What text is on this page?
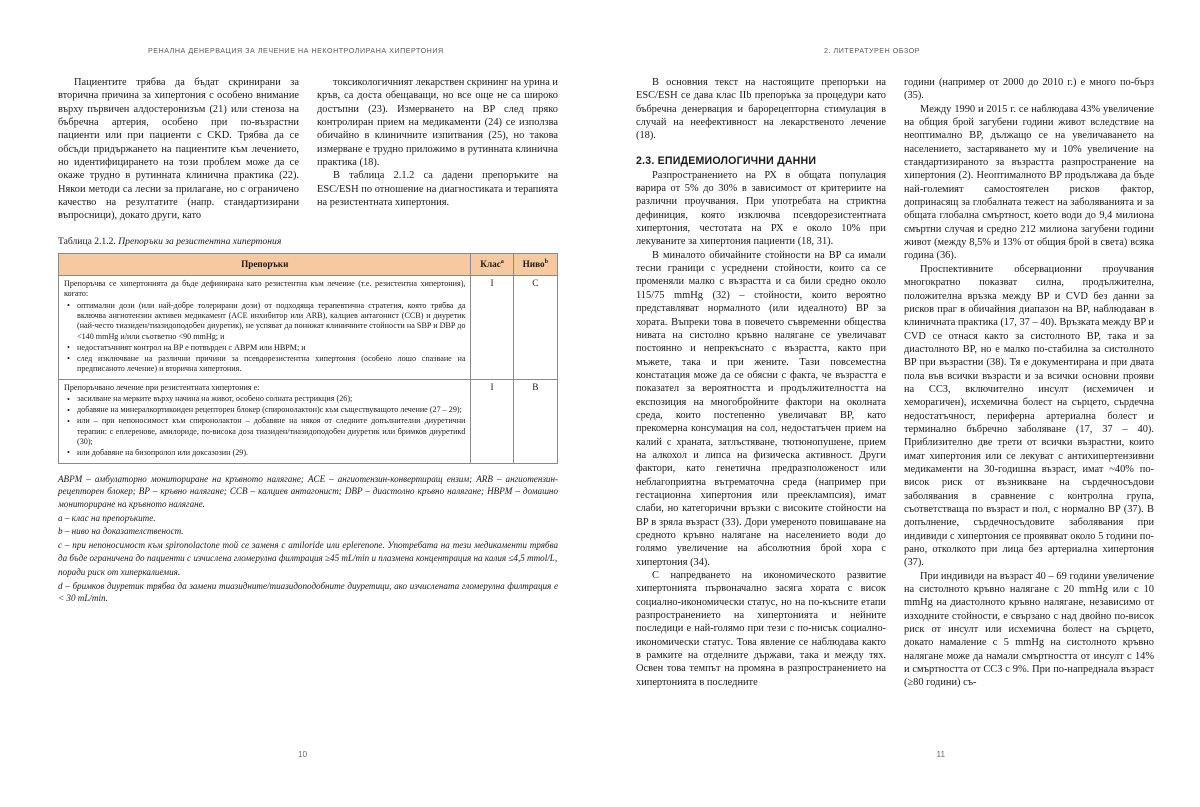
РЕНАЛНА ДЕНЕРВАЦИЯ ЗА ЛЕЧЕНИЕ НА НЕКОНТРОЛИРАНА ХИПЕРТОНИЯ

Пациентите трябва да бъдат скринирани за вторична причина за хипертония с особено внимание върху първичен алдостеронизъм (21) или стеноза на бъбречна артерия, особено при по-възрастни пациенти или при пациенти с CKD. Трябва да се обсъди придържането на пациентите към лечението, но идентифицирането на този проблем може да се окаже трудно в рутинната клинична практика (22). Някои методи са лесни за прилагане, но с ограничено качество на резултатите (напр. стандартизирани въпросници), докато други, като

токсикологичният лекарствен скрининг на урина и кръв, са доста обещаващи, но все още не са широко достъпни (23). Измерването на BP след пряко контролиран прием на медикаменти (24) се използва обичайно в клиничните изпитвания (25), но такова измерване е трудно приложимо в рутинната клинична практика (18).

В таблица 2.1.2 са дадени препоръките на ESC/ESH по отношение на диагностиката и терапията на резистентната хипертония.

Таблица 2.1.2. Препоръки за резистентна хипертония
Препоръки	Клас$^a$	Ниво$^b$

Препоръчва се хипертонията да бъде дефинирана като резистентна към лечение (т.е. резистентна хипертония), когато:

• оптимални дози (или най-добре толерирани дози) от подходяща терапевтична стратегия, която трябва да включва ангиотензин активен медикамент (ACE инхибитор или ARB), калциев антагонист (CCB) и диуретик (най-често тиазиден/тиазидоподобен диуретик), не успяват да понижат клиничните стойности на SBP и DBP до <140 mmHg и/или съответно <90 mmHg; и
• недостатъчният контрол на BP е потвърден с ABPM или HBPM; и
• след изключване на различни причини за псевдорезистентна хипертония (особено лошо спазване на предписаното лечение) и вторична хипертония.
	I	C

Препоръчвано лечение при резистентната хипертония е:

• засилване на мерките върху начина на живот, особено солната рестрикция (26);
• добавяне на минералкортикоиден рецепторен блокер (спиронолактон)c към съществуващото лечение (27 – 29);
• или – при непоносимост към спиронолактон – добавяне на някоя от следните допълнителни диуретични терапии: с еплеренове, амилориде, по-висока доза тиазиден/тиазидоподобен диуретик или бримков диуретикd (30);
• или добавяне на бизопролол или доксазозин (29).
	I	B

ABPM – амбулаторно мониториране на кръвното налягане; ACE – ангиотензин-конвертиращ ензим; ARB – ангиотензин-рецепторен блокер; BP – кръвно налягане; CCB – калциев антагонист; DBP – диастолно кръвно налягане; HBPM – домашно мониториране на кръвното налягане.

a – клас на препоръките.

b – ниво на доказателственост.

c – при непоносимост към spironolactone той се заменя с amiloride или eplerenone. Употребата на тези медикаменти трябва да бъде ограничена до пациенти с изчислена гломерулна филтрация ≥45 mL/min и плазмена концентрация на калия ≤4,5 mmol/L,

поради риск от хиперкалиемия.

d – бримков диуретик трябва да замени тиазидните/тиазидоподобните диуретици, ако изчислената гломерулна филтрация е < 30 mL/min.

10
2. ЛИТЕРАТУРЕН ОБЗОР

В основния текст на настоящите препоръки на ESC/ESH се дава клас IIb препоръка за процедури като бъбречна денервация и барорецепторна стимулация в случай на неефективност на лекарственото лечение (18).

2.3. ЕПИДЕМИОЛОГИЧНИ ДАННИ

Разпространението на РХ в общата популация варира от 5% до 30% в зависимост от критериите на различни проучвания. При употребата на стриктна дефиниция, която изключва псевдорезистентната хипертония, честотата на РХ е около 10% при лекуваните за хипертония пациенти (18, 31).

В миналото обичайните стойности на BP са имали тесни граници с усреднени стойности, които са се променяли малко с възрастта и са били средно около 115/75 mmHg (32) – стойности, които вероятно представляват нормалното (или идеалното) BP за хората. Въпреки това в повечето съвременни общества нивата на систолно кръвно налягане се увеличават постоянно и непрекъснато с възрастта, както при мъжете, така и при жените. Тази повсеместна констатация може да се обясни с факта, че възрастта е показател за вероятността и продължителността на експозиция на многобройните фактори на околната среда, които постепенно увеличават BP, като прекомерна консумация на сол, недостатъчен прием на калий с храната, затлъстяване, тютюнопушене, прием на алкохол и липса на физическа активност. Други фактори, като генетична предразположеност или неблагоприятна вътрематочна среда (например при гестационна хипертония или прееклампсия), имат слаби, но категорични връзки с високите стойности на BP в зряла възраст (33). Дори умереното повишаване на средното кръвно налягане на населението води до голямо увеличение на абсолютния брой хора с хипертония (34).

С напредването на икономическото развитие хипертонията първоначално засяга хората с висок социално-икономически статус, но на по-късните етапи разпространението на хипертонията и нейните последици е най-голямо при тези с по-нисък социално-икономически статус. Това явление се наблюдава както в рамките на отделните държави, така и между тях. Освен това темпът на промяна в разпространението на хипертонията в последните

години (например от 2000 до 2010 г.) е много по-бърз (35).

Между 1990 и 2015 г. се наблюдава 43% увеличение на общия брой загубени години живот вследствие на неоптимално BP, дължащо се на увеличаването на населението, застаряването му и 10% увеличение на стандартизираното за възрастта разпространение на хипертония (2). Неоптималното BP продължава да бъде най-големият самостоятелен рисков фактор, допринасящ за глобалната тежест на заболяванията и за общата глобална смъртност, което води до 9,4 милиона смъртни случая и средно 212 милиона загубени години живот (между 8,5% и 13% от общия брой в света) всяка година (36).

Проспективните обсервационни проучвания многократно показват силна, продължителна, положителна връзка между BP и CVD без данни за рисков праг в обичайния диапазон на BP, наблюдаван в клиничната практика (17, 37 – 40). Връзката между BP и CVD се отнася както за систолното BP, така и за диастолното BP, но е малко по-стабилна за систолното BP при възрастни (38). Тя е документирана и при двата пола във всички възрасти и за всички основни прояви на ССЗ, включително инсулт (исхемичен и хеморагичен), исхемична болест на сърцето, сърдечна недостатъчност, периферна артериална болест и терминално бъбречно заболяване (17, 37 – 40). Приблизително две трети от всички възрастни, които имат хипертония или се лекуват с антихипертензивни медикаменти на 30-годишна възраст, имат ~40% по-висок риск от възникване на сърдечносъдови заболявания в сравнение с контролна група, съответстваща по възраст и пол, с нормално BP (37). В допълнение, сърдечносъдовите заболявания при индивиди с хипертония се проявяват около 5 години по-рано, отколкото при лица без артериална хипертония (37).

При индивиди на възраст 40 – 69 години увеличение на систолното кръвно налягане с 20 mmHg или с 10 mmHg на диастолното кръвно налягане, независимо от изходните стойности, е свързано с над двойно по-висок риск от инсулт или исхемична болест на сърцето, докато намаление с 5 mmHg на систолното кръвно налягане може да намали смъртността от инсулт с 14% и смъртността от ССЗ с 9%. При по-напреднала възраст (≥80 години) съ-

11
